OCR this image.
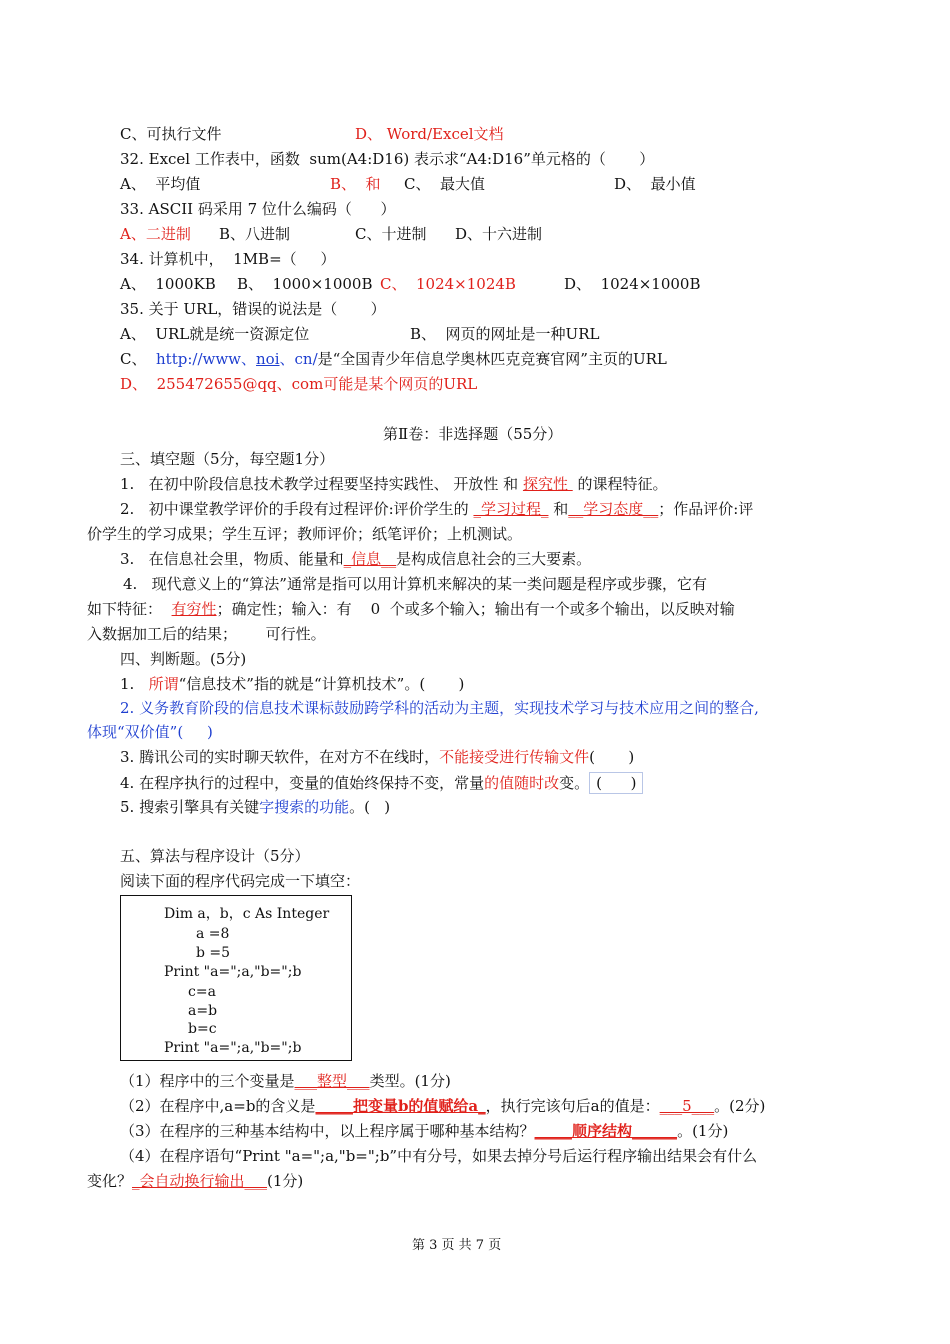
C、可执行文件	D、 Word/Excel文档
32. Excel 工作表中，函数  sum(A4:D16) 表示求“A4:D16”单元格的（       ）
A、  平均值	B、  和 C、  最大值	D、  最小值
33. ASCII 码采用 7 位什么编码（      ）
A、二进制 B、八进制	C、十进制 D、十六进制
34. 计算机中，  1MB=（     ）
A、  1000KB B、  1000×1000B C、  1024×1024B	D、  1024×1000B
35. 关于 URL，错误的说法是（       ）
A、  URL就是统一资源定位	B、  网页的网址是一种URL
C、  http://www、noi、cn/是“全国青少年信息学奥林匹克竞赛官网”主页的URL
D、  255472655@qq、com可能是某个网页的URL
第Ⅱ卷：非选择题（55分）
三、填空题（5分，每空题1分）
1.   在初中阶段信息技术教学过程要坚持实践性、 开放性 和 探究性  的课程特征。
2.   初中课堂教学评价的手段有过程评价:评价学生的 _学习过程_ 和__学习态度__；作品评价:评
价学生的学习成果；学生互评；教师评价；纸笔评价；上机测试。
3.   在信息社会里，物质、能量和_信息__是构成信息社会的三大要素。
4.   现代意义上的“算法”通常是指可以用计算机来解决的某一类问题是程序或步骤，它有
如下特征：  有穷性；确定性；输入：有    0  个或多个输入；输出有一个或多个输出，以反映对输
入数据加工后的结果；      可行性。
四、判断题。(5分)
1.   所谓“信息技术”指的就是“计算机技术”。(       )
2. 义务教育阶段的信息技术课标鼓励跨学科的活动为主题，实现技术学习与技术应用之间的整合,
体现“双价值”(     )
3. 腾讯公司的实时聊天软件，在对方不在线时，不能接受进行传输文件(       )
4. 在程序执行的过程中，变量的值始终保持不变，常量的值随时改变。 (      )
5. 搜索引擎具有关键字搜索的功能。(   )
五、算法与程序设计（5分）
阅读下面的程序代码完成一下填空：
Dim a，b，c As Integer
a =8
b =5
Print "a=";a,"b=";b
c=a
a=b
b=c
Print "a=";a,"b=";b
（1）程序中的三个变量是___整型___类型。(1分)
（2）在程序中,a=b的含义是_____把变量b的值赋给a_，执行完该句后a的值是：___5___。(2分)
（3）在程序的三种基本结构中，以上程序属于哪种基本结构？_____顺序结构______。(1分)
（4）在程序语句“Print "a=";a,"b=";b”中有分号，如果去掉分号后运行程序输出结果会有什么
变化？_会自动换行输出___(1分)
第 3 页 共 7 页
